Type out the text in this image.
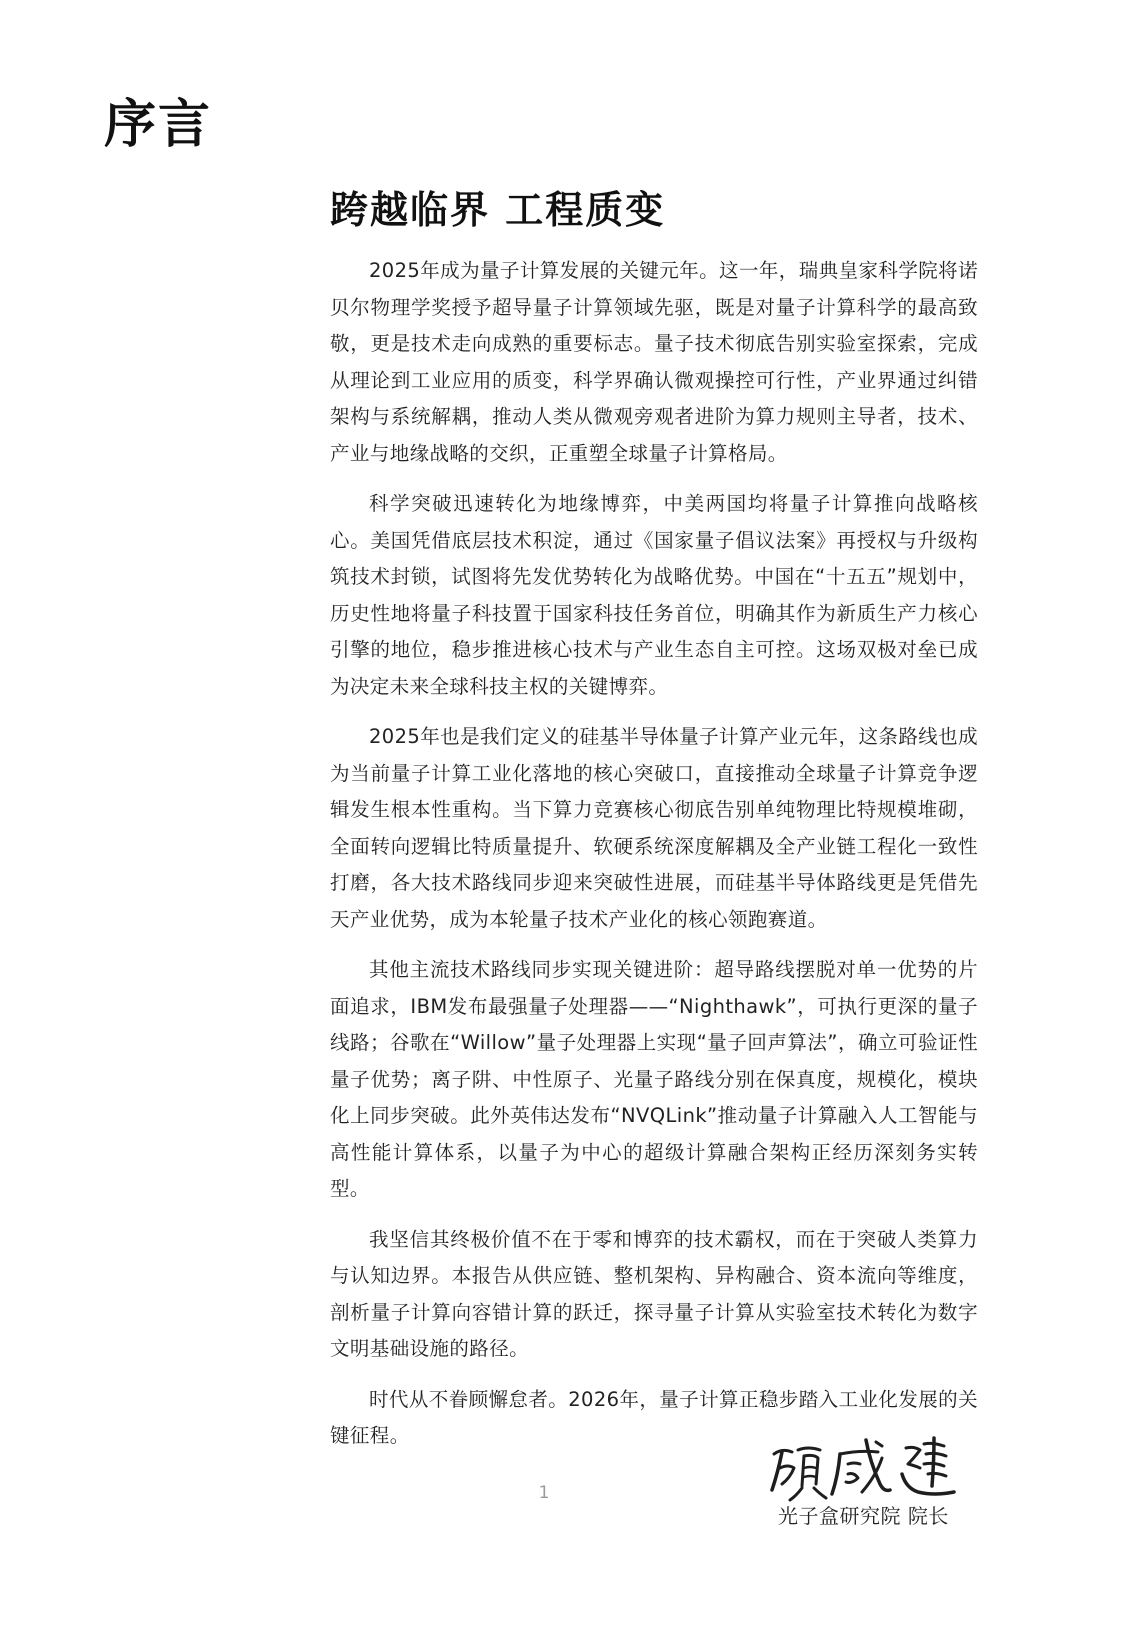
序言
跨越临界 工程质变

2025年成为量子计算发展的关键元年。这一年，瑞典皇家科学院将诺贝尔物理学奖授予超导量子计算领域先驱，既是对量子计算科学的最高致敬，更是技术走向成熟的重要标志。量子技术彻底告别实验室探索，完成从理论到工业应用的质变，科学界确认微观操控可行性，产业界通过纠错架构与系统解耦，推动人类从微观旁观者进阶为算力规则主导者，技术、产业与地缘战略的交织，正重塑全球量子计算格局。

科学突破迅速转化为地缘博弈，中美两国均将量子计算推向战略核心。美国凭借底层技术积淀，通过《国家量子倡议法案》再授权与升级构筑技术封锁，试图将先发优势转化为战略优势。中国在“十五五”规划中，历史性地将量子科技置于国家科技任务首位，明确其作为新质生产力核心引擎的地位，稳步推进核心技术与产业生态自主可控。这场双极对垒已成为决定未来全球科技主权的关键博弈。

2025年也是我们定义的硅基半导体量子计算产业元年，这条路线也成为当前量子计算工业化落地的核心突破口，直接推动全球量子计算竞争逻辑发生根本性重构。当下算力竞赛核心彻底告别单纯物理比特规模堆砌，全面转向逻辑比特质量提升、软硬系统深度解耦及全产业链工程化一致性打磨，各大技术路线同步迎来突破性进展，而硅基半导体路线更是凭借先天产业优势，成为本轮量子技术产业化的核心领跑赛道。

其他主流技术路线同步实现关键进阶：超导路线摆脱对单一优势的片面追求，IBM发布最强量子处理器——“Nighthawk”，可执行更深的量子线路；谷歌在“Willow”量子处理器上实现“量子回声算法”，确立可验证性量子优势；离子阱、中性原子、光量子路线分别在保真度，规模化，模块化上同步突破。此外英伟达发布“NVQLink”推动量子计算融入人工智能与高性能计算体系，以量子为中心的超级计算融合架构正经历深刻务实转型。

我坚信其终极价值不在于零和博弈的技术霸权，而在于突破人类算力与认知边界。本报告从供应链、整机架构、异构融合、资本流向等维度，剖析量子计算向容错计算的跃迁，探寻量子计算从实验室技术转化为数字文明基础设施的路径。

时代从不眷顾懈怠者。2026年，量子计算正稳步踏入工业化发展的关键征程。

光子盒研究院 院长
1
